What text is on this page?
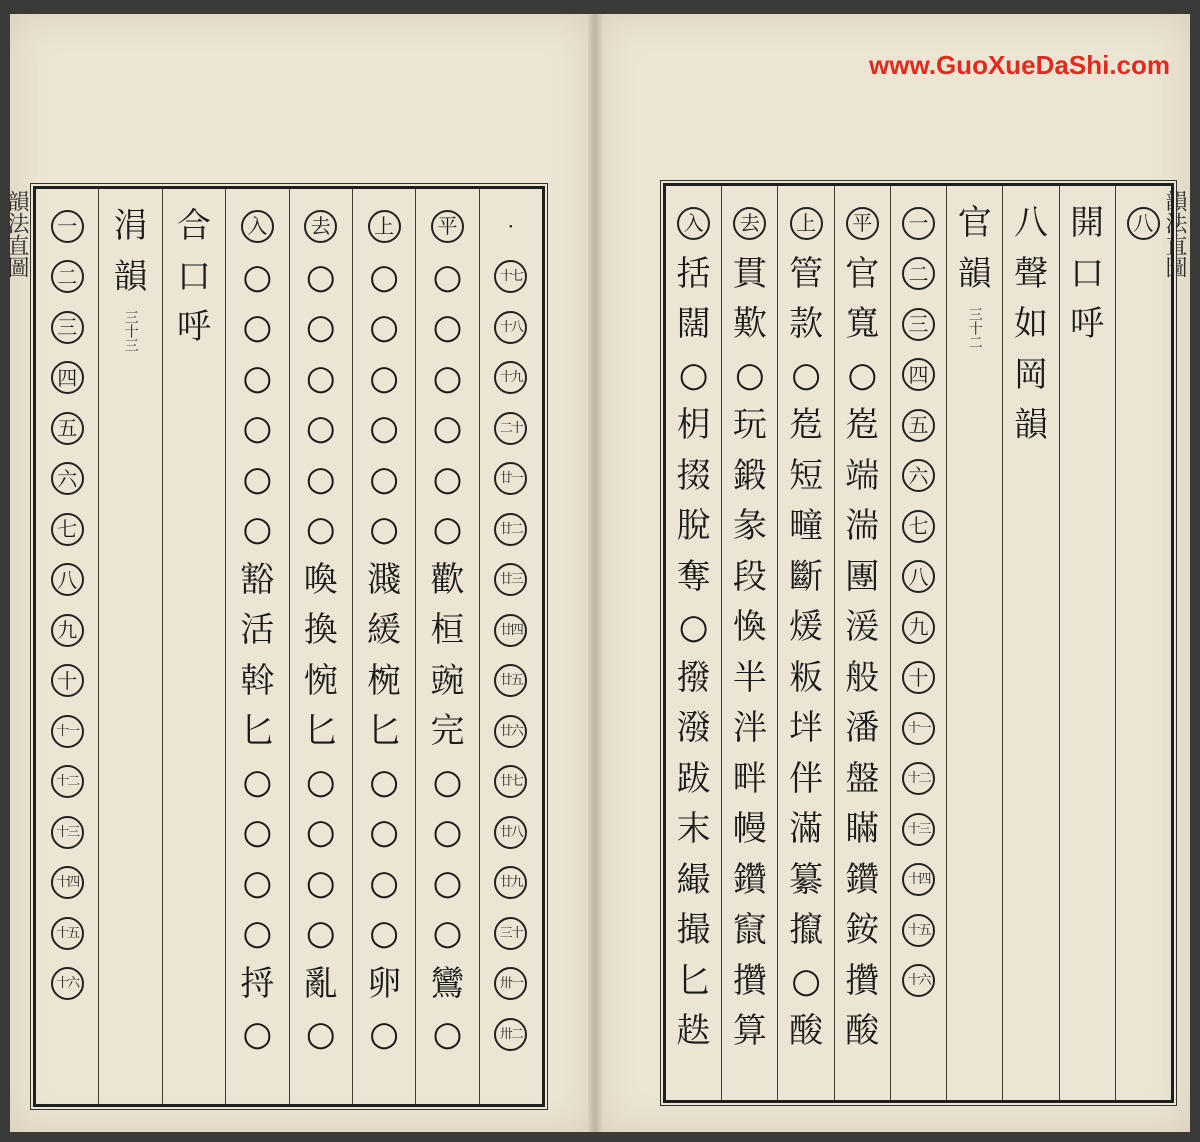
www.GuoXueDaShi.com
韻法直圖	韻法直圖
八
開
口
呼
八
聲
如
岡
韻
官
韻
三十二
一
二
三
四
五
六
七
八
九
十
十一
十二
十三
十四
十五
十六
平
官
寬
○
峞
端
湍
團
湲
般
潘
盤
瞞
鑽
銨
攢
酸
上
管
款
○
峞
短
疃
斷
煖
粄
坢
伴
滿
纂
攛
○
酸
去
貫
歎
○
玩
鍛
彖
段
愌
半
泮
畔
幔
鑽
竄
攢
算
入
括
闊
○
枂
掇
脫
奪
○
撥
潑
跋
末
繓
撮
匕
趃
·
十七
十八
十九
二十
廿一
廿二
廿三
廿四
廿五
廿六
廿七
廿八
廿九
三十
卅一
卅二
平
○
○
○
○
○
○
歡
桓
豌
完
○
○
○
○
鸞
○
上
○
○
○
○
○
○
濺
緩
椀
匕
○
○
○
○
卵
○
去
○
○
○
○
○
○
喚
換
惋
匕
○
○
○
○
亂
○
入
○
○
○
○
○
○
豁
活
斡
匕
○
○
○
○
捋
○
合
口
呼
涓
韻
三十三
一
二
三
四
五
六
七
八
九
十
十一
十二
十三
十四
十五
十六
